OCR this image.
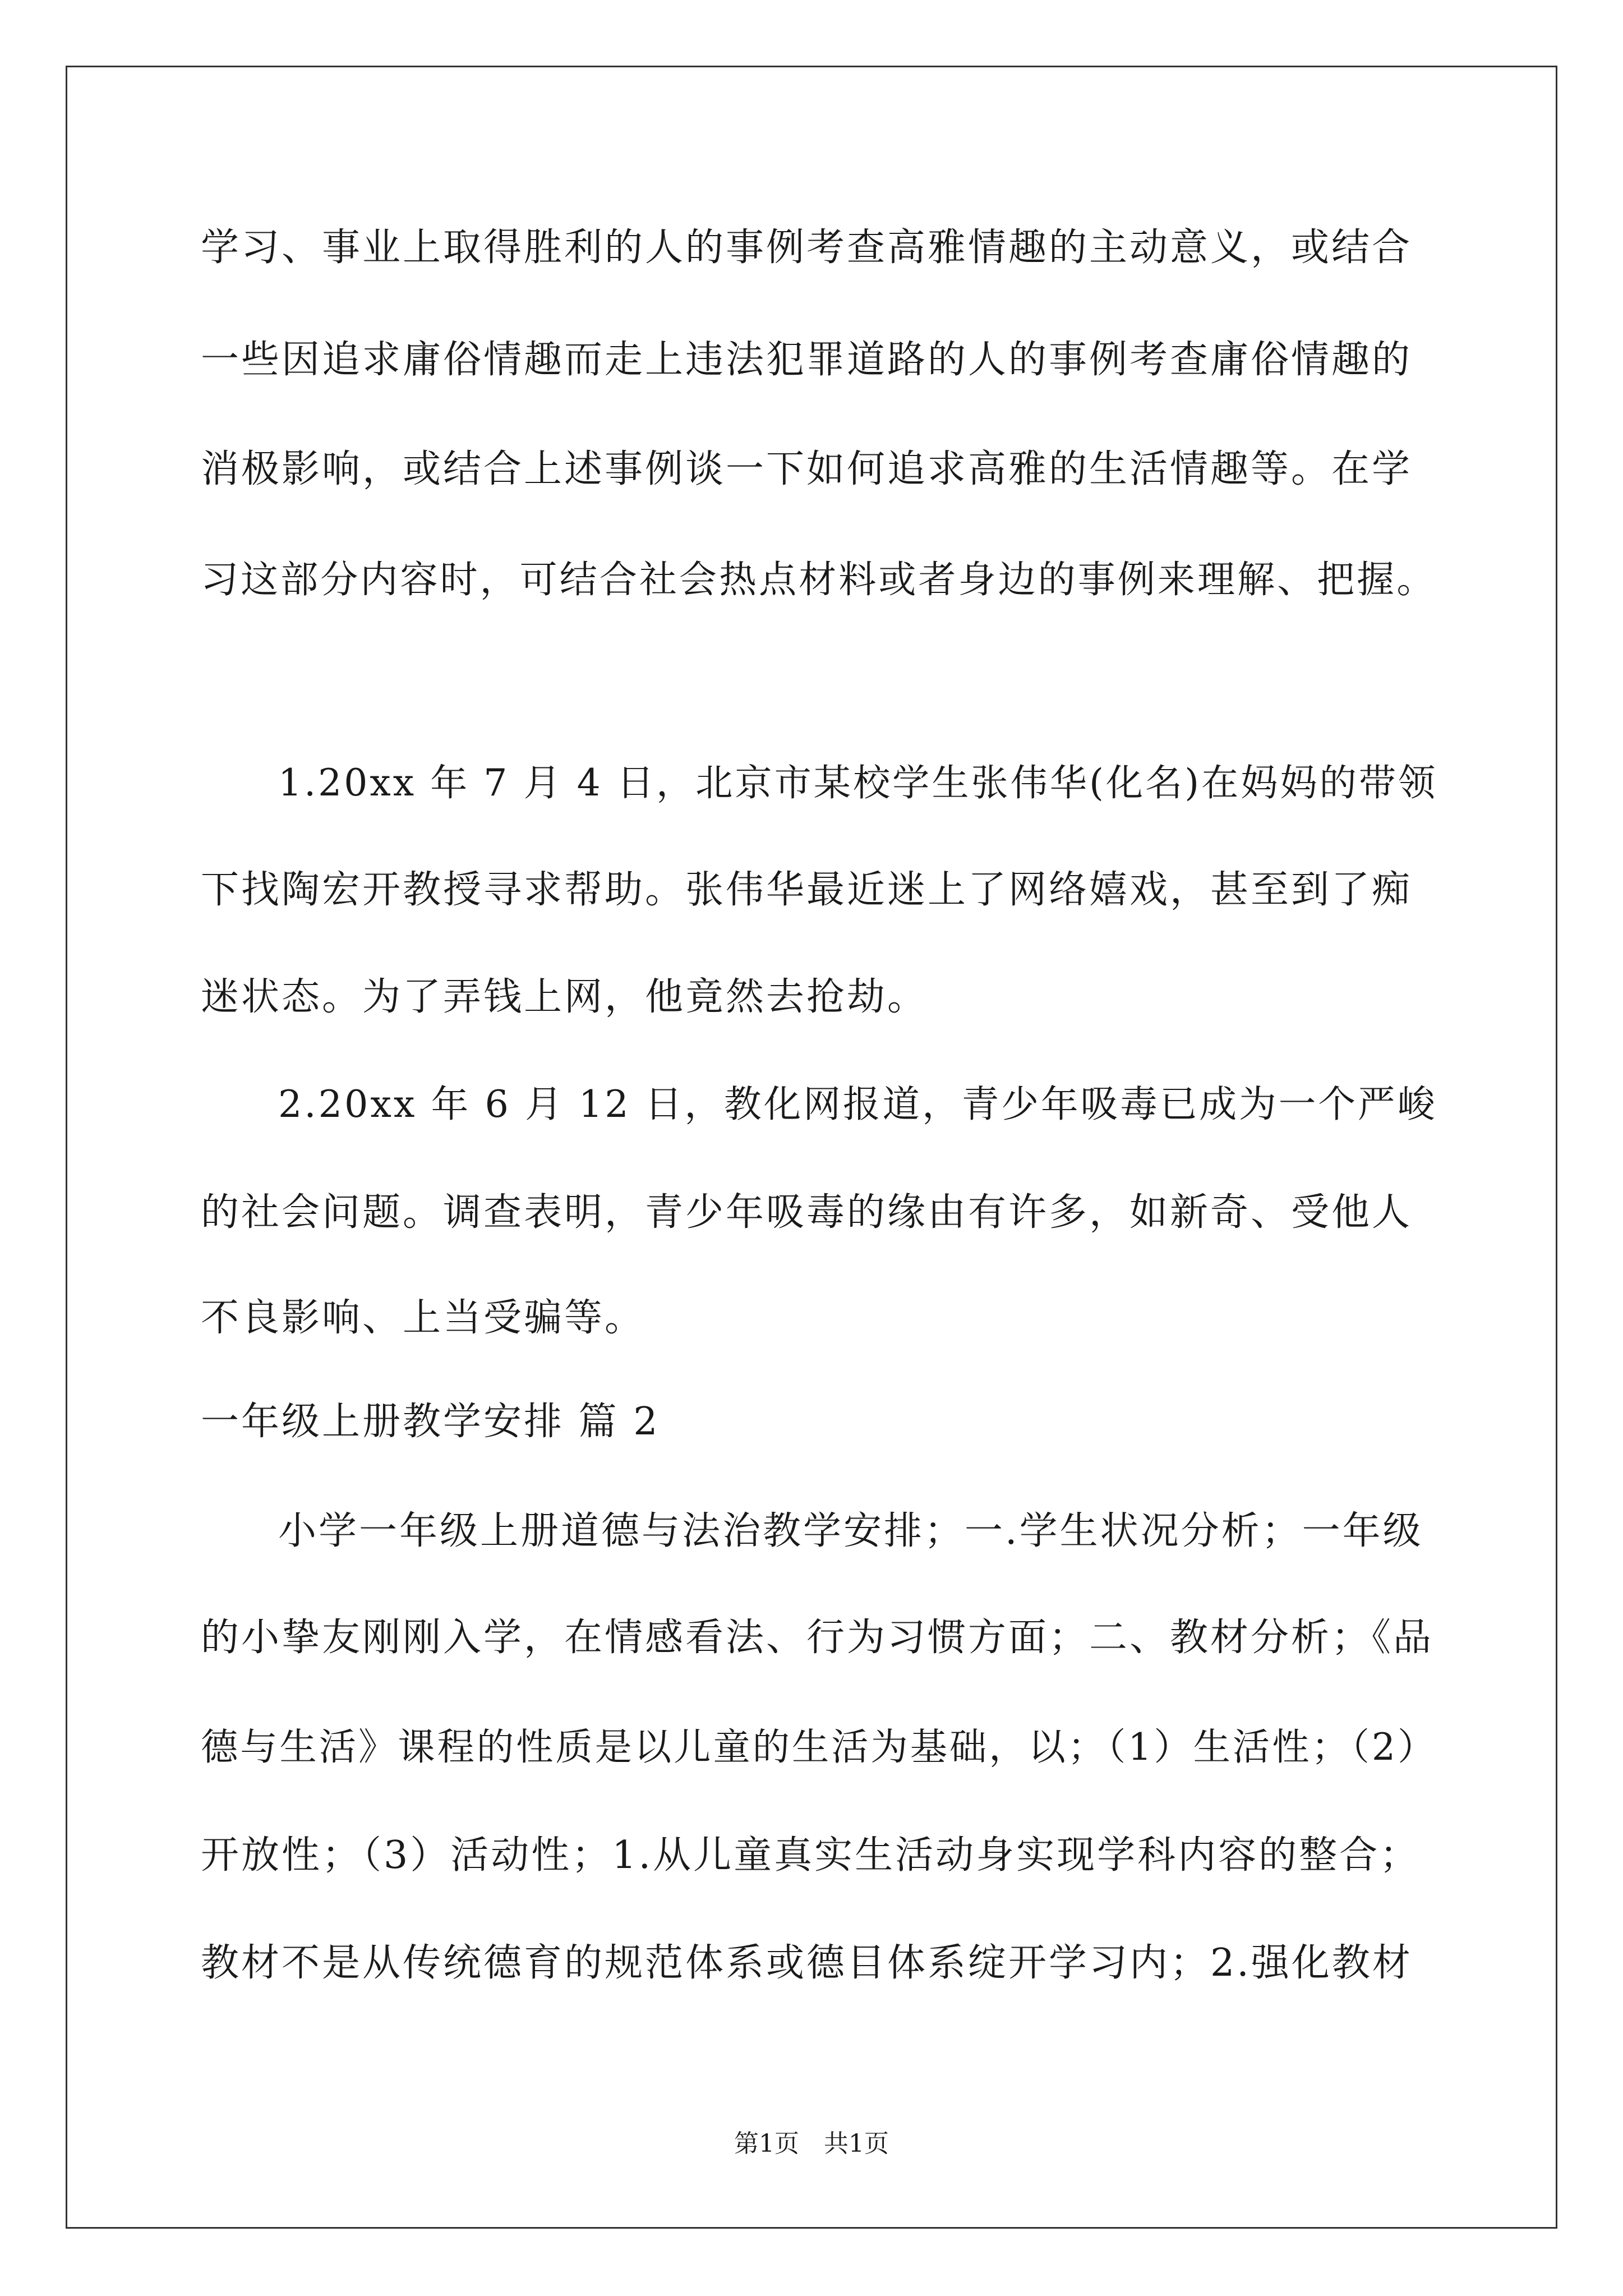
学习、事业上取得胜利的人的事例考查高雅情趣的主动意义，或结合
一些因追求庸俗情趣而走上违法犯罪道路的人的事例考查庸俗情趣的
消极影响，或结合上述事例谈一下如何追求高雅的生活情趣等。在学
习这部分内容时，可结合社会热点材料或者身边的事例来理解、把握。
1.20xx 年 7 月 4 日，北京市某校学生张伟华(化名)在妈妈的带领
下找陶宏开教授寻求帮助。张伟华最近迷上了网络嬉戏，甚至到了痴
迷状态。为了弄钱上网，他竟然去抢劫。
2.20xx 年 6 月 12 日，教化网报道，青少年吸毒已成为一个严峻
的社会问题。调查表明，青少年吸毒的缘由有许多，如新奇、受他人
不良影响、上当受骗等。
一年级上册教学安排 篇 2
小学一年级上册道德与法治教学安排；一.学生状况分析；一年级
的小挚友刚刚入学，在情感看法、行为习惯方面；二、教材分析；《品
德与生活》课程的性质是以儿童的生活为基础，以；（1）生活性；（2）
开放性；（3）活动性；1.从儿童真实生活动身实现学科内容的整合；
教材不是从传统德育的规范体系或德目体系绽开学习内；2.强化教材
第1页　共1页
